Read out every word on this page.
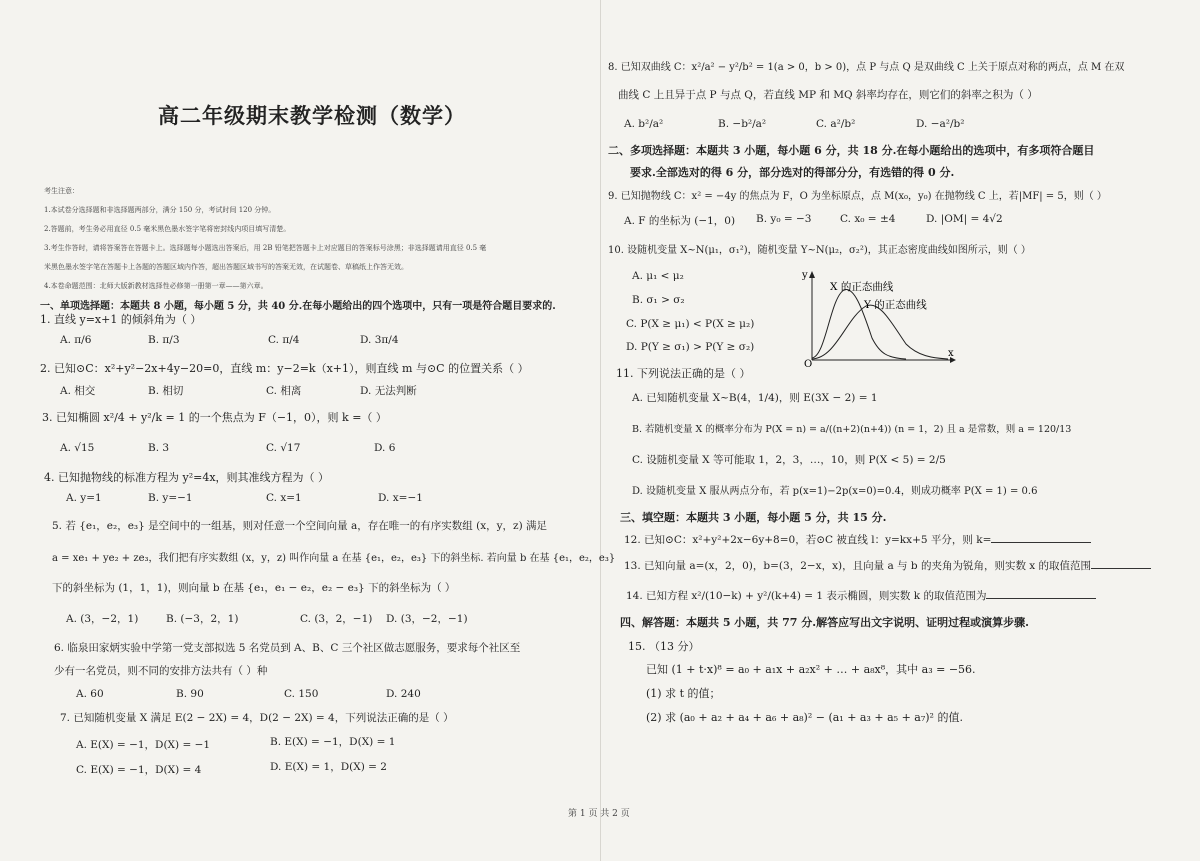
高二年级期末教学检测（数学）
考生注意：
1.本试卷分选择题和非选择题两部分，满分 150 分，考试时间 120 分钟。
2.答题前，考生务必用直径 0.5 毫米黑色墨水签字笔将密封线内项目填写清楚。
3.考生作答时，请将答案答在答题卡上。选择题每小题选出答案后，用 2B 铅笔把答题卡上对应题目的答案标号涂黑；非选择题请用直径 0.5 毫
米黑色墨水签字笔在答题卡上各题的答题区域内作答，超出答题区域书写的答案无效，在试题卷、草稿纸上作答无效。
4.本卷命题范围：北师大版新教材选择性必修第一册第一章——第六章。
一、单项选择题：本题共 8 小题，每小题 5 分，共 40 分.在每小题给出的四个选项中，只有一项是符合题目要求的.
1. 直线 y=x+1 的倾斜角为（ ）
A. π/6	B. π/3	C. π/4	D. 3π/4
2. 已知⊙C：x²+y²−2x+4y−20=0，直线 m：y−2=k（x+1），则直线 m 与⊙C 的位置关系（ ）
A. 相交	B. 相切	C. 相离	D. 无法判断
3. 已知椭圆 x²/4 + y²/k = 1 的一个焦点为 F（−1，0），则 k =（ ）
A. √15	B. 3	C. √17	D. 6
4. 已知抛物线的标准方程为 y²=4x，则其准线方程为（ ）
A. y=1	B. y=−1	C. x=1	D. x=−1
5. 若 {e₁，e₂，e₃} 是空间中的一组基，则对任意一个空间向量 a，存在唯一的有序实数组 (x，y，z) 满足
a = xe₁ + ye₂ + ze₃，我们把有序实数组 (x，y，z) 叫作向量 a 在基 {e₁，e₂，e₃} 下的斜坐标. 若向量 b 在基 {e₁，e₂，e₃}
下的斜坐标为 (1，1，1)，则向量 b 在基 {e₁，e₁ − e₂，e₂ − e₃} 下的斜坐标为（ ）
A. (3，−2，1)	B. (−3，2，1)	C. (3，2，−1) D. (3，−2，−1)
6. 临泉田家炳实验中学第一党支部拟选 5 名党员到 A、B、C 三个社区做志愿服务，要求每个社区至
少有一名党员，则不同的安排方法共有（ ）种
A. 60	B. 90	C. 150	D. 240
7. 已知随机变量 X 满足 E(2 − 2X) = 4，D(2 − 2X) = 4，下列说法正确的是（ ）
A. E(X) = −1，D(X) = −1	B. E(X) = −1，D(X) = 1
C. E(X) = −1，D(X) = 4	D. E(X) = 1，D(X) = 2
8. 已知双曲线 C：x²/a² − y²/b² = 1(a > 0，b > 0)，点 P 与点 Q 是双曲线 C 上关于原点对称的两点，点 M 在双
曲线 C 上且异于点 P 与点 Q，若直线 MP 和 MQ 斜率均存在，则它们的斜率之积为（ ）
A. b²/a²	B. −b²/a²	C. a²/b²	D. −a²/b²
二、多项选择题：本题共 3 小题，每小题 6 分，共 18 分.在每小题给出的选项中，有多项符合题目
要求.全部选对的得 6 分，部分选对的得部分分，有选错的得 0 分.
9. 已知抛物线 C：x² = −4y 的焦点为 F，O 为坐标原点，点 M(x₀，y₀) 在抛物线 C 上，若|MF| = 5，则（ ）
A. F 的坐标为 (−1，0) B. y₀ = −3	C. x₀ = ±4	D. |OM| = 4√2
10. 设随机变量 X~N(μ₁，σ₁²)，随机变量 Y~N(μ₂，σ₂²)，其正态密度曲线如图所示，则（ ）
A. μ₁ < μ₂
B. σ₁ > σ₂
C. P(X ≥ μ₁) < P(X ≥ μ₂)
D. P(Y ≥ σ₁) > P(Y ≥ σ₂)
y
x
O
X 的正态曲线
Y 的正态曲线
11. 下列说法正确的是（ ）
A. 已知随机变量 X~B(4，1/4)，则 E(3X − 2) = 1
B. 若随机变量 X 的概率分布为 P(X = n) = a/((n+2)(n+4)) (n = 1，2) 且 a 是常数，则 a = 120/13
C. 设随机变量 X 等可能取 1，2，3，…，10，则 P(X < 5) = 2/5
D. 设随机变量 X 服从两点分布，若 p(x=1)−2p(x=0)=0.4，则成功概率 P(X = 1) = 0.6
三、填空题：本题共 3 小题，每小题 5 分，共 15 分.
12. 已知⊙C：x²+y²+2x−6y+8=0，若⊙C 被直线 l：y=kx+5 平分，则 k=
13. 已知向量 a=(x，2，0)，b=(3，2−x，x)，且向量 a 与 b 的夹角为锐角，则实数 x 的取值范围
14. 已知方程 x²/(10−k) + y²/(k+4) = 1 表示椭圆，则实数 k 的取值范围为
四、解答题：本题共 5 小题，共 77 分.解答应写出文字说明、证明过程或演算步骤.
15. （13 分）
已知 (1 + t·x)⁸ = a₀ + a₁x + a₂x² + … + a₈x⁸，其中 a₃ = −56.
(1) 求 t 的值；
(2) 求 (a₀ + a₂ + a₄ + a₆ + a₈)² − (a₁ + a₃ + a₅ + a₇)² 的值.
第 1 页 共 2 页
